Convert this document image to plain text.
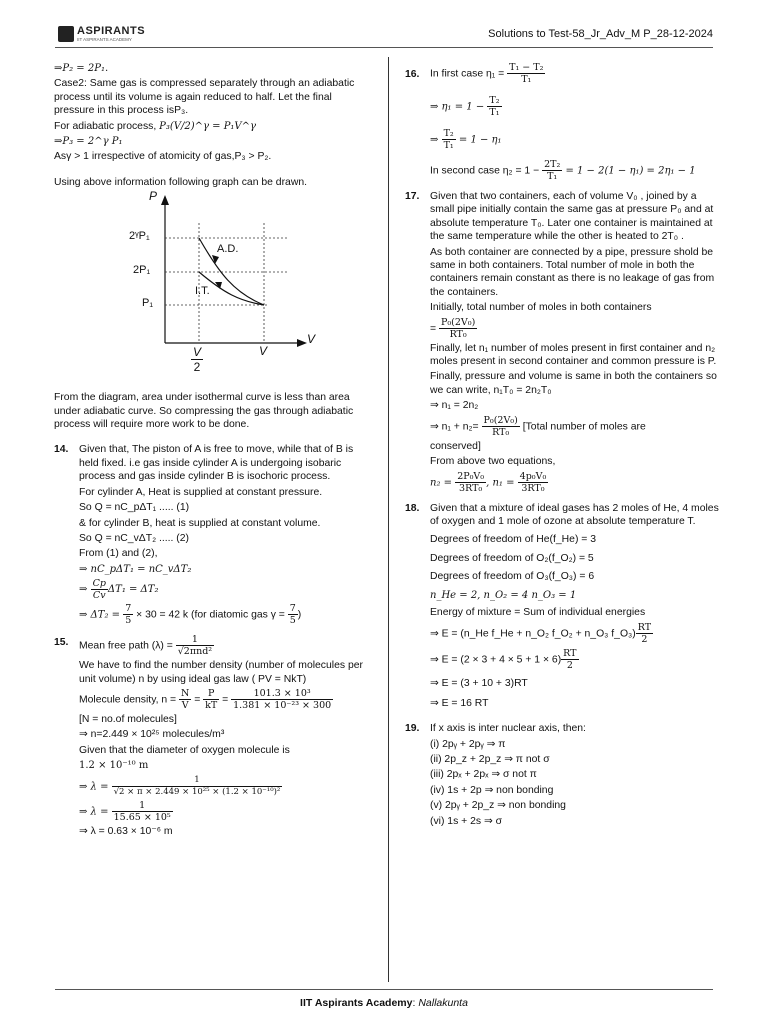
ASPIRANTS
IIT ASPIRANTS ACADEMY	Solutions to Test-58_Jr_Adv_M P_28-12-2024
⇒P₂ = 2P₁.
Case2: Same gas is compressed separately through an adiabatic process until its volume is again reduced to half. Let the final pressure in this process isP₃.
For adiabatic process, P₃(V/2)^γ = P₁V^γ
⇒P₃ = 2^γ P₁
Asγ > 1 irrespective of atomicity of gas,P₃ > P₂.
Using above information following graph can be drawn.
P
V
2ᵞP₁
2P₁
P₁
A.D.
I.T.
V
2
V
From the diagram, area under isothermal curve is less than area under adiabatic curve. So compressing the gas through adiabatic process will require more work to be done.
14. Given that, The piston of A is free to move, while that of B is held fixed. i.e gas inside cylinder A is undergoing isobaric process and gas inside cylinder B is isochoric process.
For cylinder A, Heat is supplied at constant pressure.
So Q = nC_pΔT₁ ..... (1)
& for cylinder B, heat is supplied at constant volume.
So Q = nC_vΔT₂ ..... (2)
From (1) and (2),
⇒ nC_pΔT₁ = nC_vΔT₂
⇒ $\frac{Cp}{Cv} \Delta T_1 = \Delta T_2$
⇒ $\Delta T_2 = \frac{7}{5} \times 30 = 42$ k (for diatomic gas $\gamma = \frac{7}{5}$ )
15. Mean free path $(\lambda) = \frac{1}{\text{√2πnd²}}$
We have to find the number density (number of molecules per unit volume) n by using ideal gas law ( PV = NkT)
Molecule density, $n = \frac{N}{V} = \frac{P}{kT} = \frac{\text{101.3 × 10³}}{\text{1.381 × 10⁻²³ × 300}}$
[N = no.of molecules]
⇒ n=2.449 × 10²⁵ molecules/m³
Given that the diameter of oxygen molecule is
1.2 × 10⁻¹⁰ m
⇒ $\lambda = \frac{1}{\text{√2 × π × 2.449 × 10²⁵ × (1.2 × 10⁻¹⁰)²}}$
⇒ $\lambda = \frac{1}{\text{15.65 × 10⁵}}$
⇒ λ = 0.63 × 10⁻⁶ m
16. In first case $\eta_1 = \frac{\text{T₁ − T₂}}{\text{T₁}}$
⇒ $\eta_1 = 1 - \frac{\text{T₂}}{\text{T₁}}$
⇒ $\frac{\text{T₂}}{\text{T₁}} = 1 - \eta_1$
In second case $\eta_2 = 1 - \frac{\text{2T₂}}{\text{T₁}} = 1 - 2(1 - \eta_1) = 2\eta_1 - 1$
17. Given that two containers, each of volume V₀ , joined by a small pipe initially contain the same gas at pressure P₀ and at absolute temperature T₀. Later one container is maintained at the same temperature while the other is heated to 2T₀ .
As both container are connected by a pipe, pressure shold be same in both containers. Total number of mole in both the containers remain constant as there is no leakage of gas from the containers.
Initially, total number of moles in both containers
= $\frac{\text{P₀(2V₀)}}{\text{RT₀}}$
Finally, let n₁ number of moles present in first container and n₂ moles present in second container and common pressure is P.
Finally, pressure and volume is same in both the containers so we can write, n₁T₀ = 2n₂T₀
⇒ n₁ = 2n₂
⇒ $n_1 + n_2= \frac{\text{P₀(2V₀)}}{\text{RT₀}}$ [Total number of moles are
conserved]
From above two equations,
$n_2 = \frac{\text{2P₀V₀}}{\text{3RT₀}}$ , $n_1 = \frac{\text{4p₀V₀}}{\text{3RT₀}}$
18. Given that a mixture of ideal gases has 2 moles of He, 4 moles of oxygen and 1 mole of ozone at absolute temperature T.
Degrees of freedom of He(f_He) = 3
Degrees of freedom of O₂(f_O₂) = 5
Degrees of freedom of O₃(f_O₃) = 6
n_He = 2, n_O₂ = 4 n_O₃ = 1
Energy of mixture = Sum of individual energies
⇒ E = (n_He f_He + n_O₂ f_O₂ + n_O₃ f_O₃) $\frac{RT}{2}$
⇒ $E = (2 \times 3 + 4 \times 5 + 1 \times 6) \frac{RT}{2}$
⇒ E = (3 + 10 + 3)RT
⇒ E = 16 RT
19. If x axis is inter nuclear axis, then:
(i) 2pᵧ + 2pᵧ ⇒ π
(ii) 2p_z + 2p_z ⇒ π not σ
(iii) 2pₓ + 2pₓ ⇒ σ not π
(iv) 1s + 2p ⇒ non bonding
(v) 2pᵧ + 2p_z ⇒ non bonding
(vi) 1s + 2s ⇒ σ
IIT Aspirants Academy: Nallakunta
